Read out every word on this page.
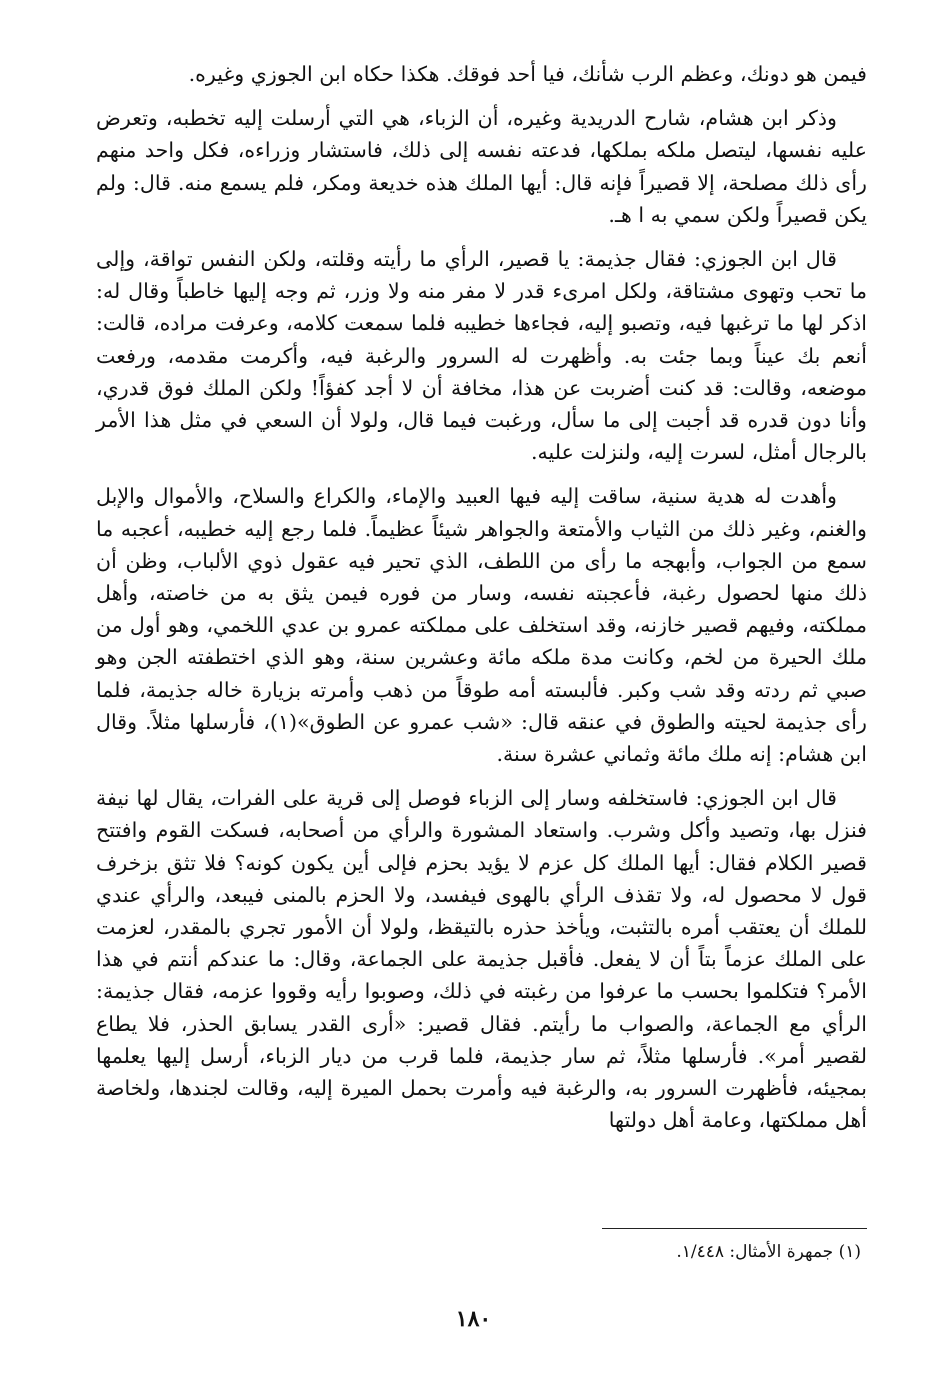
فيمن هو دونك، وعظم الرب شأنك، فيا أحد فوقك. هكذا حكاه ابن الجوزي وغيره.

وذكر ابن هشام، شارح الدريدية وغيره، أن الزباء، هي التي أرسلت إليه تخطبه، وتعرض عليه نفسها، ليتصل ملكه بملكها، فدعته نفسه إلى ذلك، فاستشار وزراءه، فكل واحد منهم رأى ذلك مصلحة، إلا قصيراً فإنه قال: أيها الملك هذه خديعة ومكر، فلم يسمع منه. قال: ولم يكن قصيراً ولكن سمي به ا هـ.

قال ابن الجوزي: فقال جذيمة: يا قصير، الرأي ما رأيته وقلته، ولكن النفس تواقة، وإلى ما تحب وتهوى مشتاقة، ولكل امرىء قدر لا مفر منه ولا وزر، ثم وجه إليها خاطباً وقال له: اذكر لها ما ترغبها فيه، وتصبو إليه، فجاءها خطيبه فلما سمعت كلامه، وعرفت مراده، قالت: أنعم بك عيناً وبما جئت به. وأظهرت له السرور والرغبة فيه، وأكرمت مقدمه، ورفعت موضعه، وقالت: قد كنت أضربت عن هذا، مخافة أن لا أجد كفؤاً! ولكن الملك فوق قدري، وأنا دون قدره قد أجبت إلى ما سأل، ورغبت فيما قال، ولولا أن السعي في مثل هذا الأمر بالرجال أمثل، لسرت إليه، ولنزلت عليه.

وأهدت له هدية سنية، ساقت إليه فيها العبيد والإماء، والكراع والسلاح، والأموال والإبل والغنم، وغير ذلك من الثياب والأمتعة والجواهر شيئاً عظيماً. فلما رجع إليه خطيبه، أعجبه ما سمع من الجواب، وأبهجه ما رأى من اللطف، الذي تحير فيه عقول ذوي الألباب، وظن أن ذلك منها لحصول رغبة، فأعجبته نفسه، وسار من فوره فيمن يثق به من خاصته، وأهل مملكته، وفيهم قصير خازنه، وقد استخلف على مملكته عمرو بن عدي اللخمي، وهو أول من ملك الحيرة من لخم، وكانت مدة ملكه مائة وعشرين سنة، وهو الذي اختطفته الجن وهو صبي ثم ردته وقد شب وكبر. فألبسته أمه طوقاً من ذهب وأمرته بزيارة خاله جذيمة، فلما رأى جذيمة لحيته والطوق في عنقه قال: «شب عمرو عن الطوق»(١)، فأرسلها مثلاً. وقال ابن هشام: إنه ملك مائة وثماني عشرة سنة.

قال ابن الجوزي: فاستخلفه وسار إلى الزباء فوصل إلى قرية على الفرات، يقال لها نيفة فنزل بها، وتصيد وأكل وشرب. واستعاد المشورة والرأي من أصحابه، فسكت القوم وافتتح قصير الكلام فقال: أيها الملك كل عزم لا يؤيد بحزم فإلى أين يكون كونه؟ فلا تثق بزخرف قول لا محصول له، ولا تقذف الرأي بالهوى فيفسد، ولا الحزم بالمنى فيبعد، والرأي عندي للملك أن يعتقب أمره بالتثبت، ويأخذ حذره بالتيقظ، ولولا أن الأمور تجري بالمقدر، لعزمت على الملك عزماً بتاً أن لا يفعل. فأقبل جذيمة على الجماعة، وقال: ما عندكم أنتم في هذا الأمر؟ فتكلموا بحسب ما عرفوا من رغبته في ذلك، وصوبوا رأيه وقووا عزمه، فقال جذيمة: الرأي مع الجماعة، والصواب ما رأيتم. فقال قصير: «أرى القدر يسابق الحذر، فلا يطاع لقصير أمر». فأرسلها مثلاً، ثم سار جذيمة، فلما قرب من ديار الزباء، أرسل إليها يعلمها بمجيئه، فأظهرت السرور به، والرغبة فيه وأمرت بحمل الميرة إليه، وقالت لجندها، ولخاصة أهل مملكتها، وعامة أهل دولتها

(١) جمهرة الأمثال: ١/٤٤٨.
١٨٠
